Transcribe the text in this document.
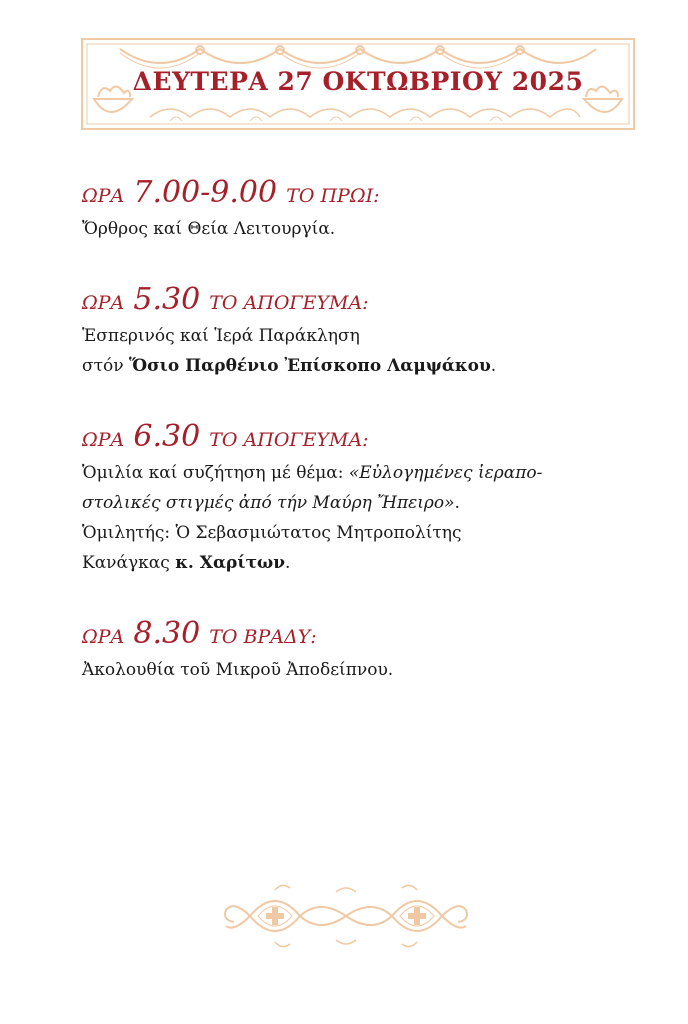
ΔΕΥΤΕΡΑ 27 ΟΚΤΩΒΡΙΟΥ 2025
ΩΡΑ 7.00-9.00 ΤΟ ΠΡΩΙ:
Ὄρθρος καί Θεία Λειτουργία.
ΩΡΑ 5.30 ΤΟ ΑΠΟΓΕΥΜΑ:
Ἑσπερινός καί Ἱερά Παράκληση
στόν Ὅσιο Παρθένιο Ἐπίσκοπο Λαμψάκου.
ΩΡΑ 6.30 ΤΟ ΑΠΟΓΕΥΜΑ:
Ὁμιλία καί συζήτηση μέ θέμα: «Εὐλογημένες ἱεραπο-
στολικές στιγμές ἀπό τήν Μαύρη Ἤπειρο».
Ὁμιλητής: Ὁ Σεβασμιώτατος Μητροπολίτης
Κανάγκας κ. Χαρίτων.
ΩΡΑ 8.30 ΤΟ ΒΡΑΔΥ:
Ἀκολουθία τοῦ Μικροῦ Ἀποδείπνου.
